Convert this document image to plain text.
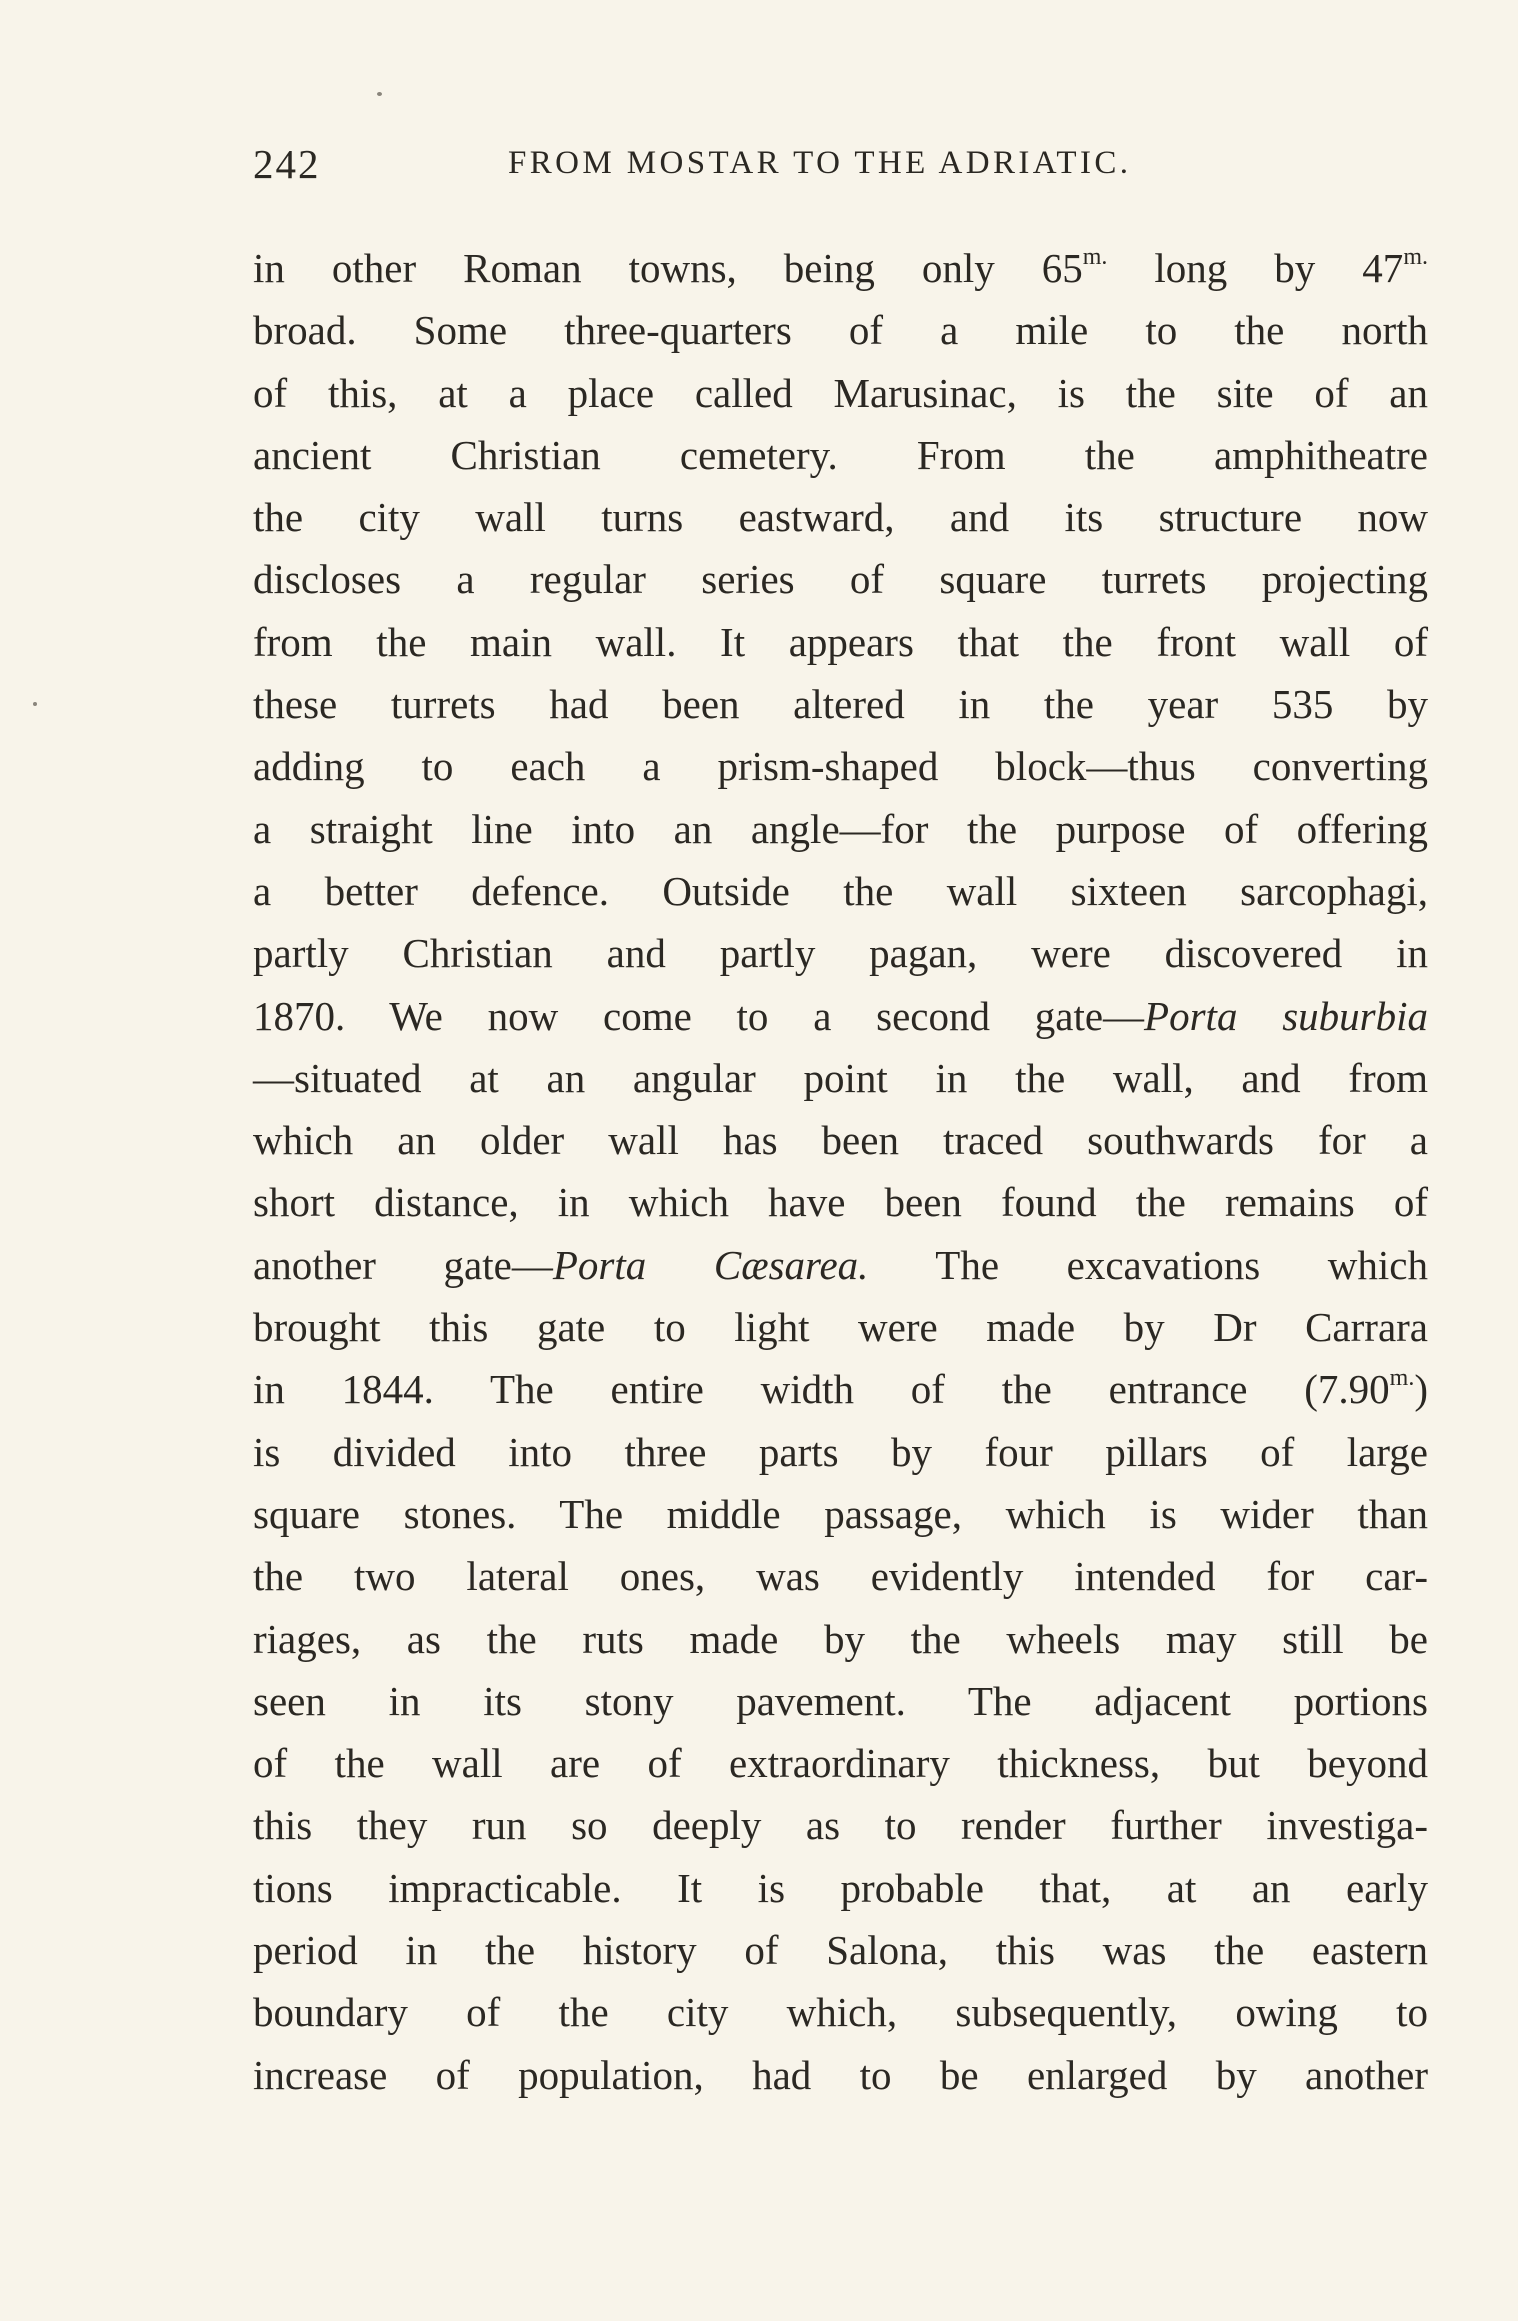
242	FROM MOSTAR TO THE ADRIATIC.
in other Roman towns, being only $65^{m.}$ long by $47^{m.}$
broad. Some three-quarters of a mile to the north
of this, at a place called Marusinac, is the site of an
ancient Christian cemetery. From the amphitheatre
the city wall turns eastward, and its structure now
discloses a regular series of square turrets projecting
from the main wall. It appears that the front wall of
these turrets had been altered in the year 535 by
adding to each a prism-shaped block—thus converting
a straight line into an angle—for the purpose of offering
a better defence. Outside the wall sixteen sarcophagi,
partly Christian and partly pagan, were discovered in
1870. We now come to a second gate—Porta suburbia
—situated at an angular point in the wall, and from
which an older wall has been traced southwards for a
short distance, in which have been found the remains of
another gate—Porta Cæsarea. The excavations which
brought this gate to light were made by Dr Carrara
in 1844. The entire width of the entrance $(7.90^{m.})$
is divided into three parts by four pillars of large
square stones. The middle passage, which is wider than
the two lateral ones, was evidently intended for car-
riages, as the ruts made by the wheels may still be
seen in its stony pavement. The adjacent portions
of the wall are of extraordinary thickness, but beyond
this they run so deeply as to render further investiga-
tions impracticable. It is probable that, at an early
period in the history of Salona, this was the eastern
boundary of the city which, subsequently, owing to
increase of population, had to be enlarged by another
